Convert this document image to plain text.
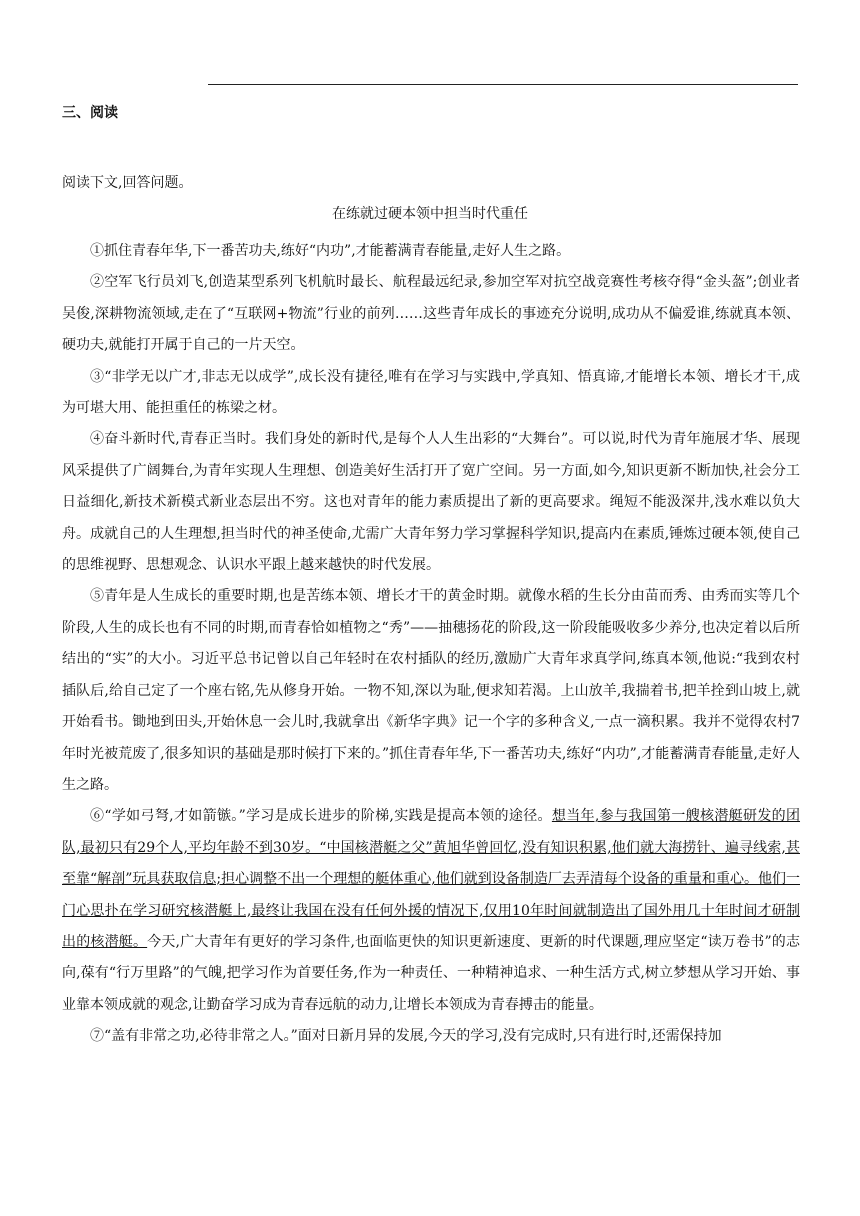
三、阅读
阅读下文,回答问题。
在练就过硬本领中担当时代重任

①抓住青春年华,下一番苦功夫,练好“内功”,才能蓄满青春能量,走好人生之路。

②空军飞行员刘飞,创造某型系列飞机航时最长、航程最远纪录,参加空军对抗空战竞赛性考核夺得“金头盔”;创业者吴俊,深耕物流领域,走在了“互联网+物流”行业的前列……这些青年成长的事迹充分说明,成功从不偏爱谁,练就真本领、硬功夫,就能打开属于自己的一片天空。

③“非学无以广才,非志无以成学”,成长没有捷径,唯有在学习与实践中,学真知、悟真谛,才能增长本领、增长才干,成为可堪大用、能担重任的栋梁之材。

④奋斗新时代,青春正当时。我们身处的新时代,是每个人人生出彩的“大舞台”。可以说,时代为青年施展才华、展现风采提供了广阔舞台,为青年实现人生理想、创造美好生活打开了宽广空间。另一方面,如今,知识更新不断加快,社会分工日益细化,新技术新模式新业态层出不穷。这也对青年的能力素质提出了新的更高要求。绳短不能汲深井,浅水难以负大舟。成就自己的人生理想,担当时代的神圣使命,尤需广大青年努力学习掌握科学知识,提高内在素质,锤炼过硬本领,使自己的思维视野、思想观念、认识水平跟上越来越快的时代发展。

⑤青年是人生成长的重要时期,也是苦练本领、增长才干的黄金时期。就像水稻的生长分由苗而秀、由秀而实等几个阶段,人生的成长也有不同的时期,而青春恰如植物之“秀”——抽穗扬花的阶段,这一阶段能吸收多少养分,也决定着以后所结出的“实”的大小。习近平总书记曾以自己年轻时在农村插队的经历,激励广大青年求真学问,练真本领,他说:“我到农村插队后,给自己定了一个座右铭,先从修身开始。一物不知,深以为耻,便求知若渴。上山放羊,我揣着书,把羊拴到山坡上,就开始看书。锄地到田头,开始休息一会儿时,我就拿出《新华字典》记一个字的多种含义,一点一滴积累。我并不觉得农村7年时光被荒废了,很多知识的基础是那时候打下来的。”抓住青春年华,下一番苦功夫,练好“内功”,才能蓄满青春能量,走好人生之路。

⑥“学如弓弩,才如箭镞。”学习是成长进步的阶梯,实践是提高本领的途径。想当年,参与我国第一艘核潜艇研发的团队,最初只有29个人,平均年龄不到30岁。“中国核潜艇之父”黄旭华曾回忆,没有知识积累,他们就大海捞针、遍寻线索,甚至靠“解剖”玩具获取信息;担心调整不出一个理想的艇体重心,他们就到设备制造厂去弄清每个设备的重量和重心。他们一门心思扑在学习研究核潜艇上,最终让我国在没有任何外援的情况下,仅用10年时间就制造出了国外用几十年时间才研制出的核潜艇。今天,广大青年有更好的学习条件,也面临更快的知识更新速度、更新的时代课题,理应坚定“读万卷书”的志向,葆有“行万里路”的气魄,把学习作为首要任务,作为一种责任、一种精神追求、一种生活方式,树立梦想从学习开始、事业靠本领成就的观念,让勤奋学习成为青春远航的动力,让增长本领成为青春搏击的能量。

⑦“盖有非常之功,必待非常之人。”面对日新月异的发展,今天的学习,没有完成时,只有进行时,还需保持加
